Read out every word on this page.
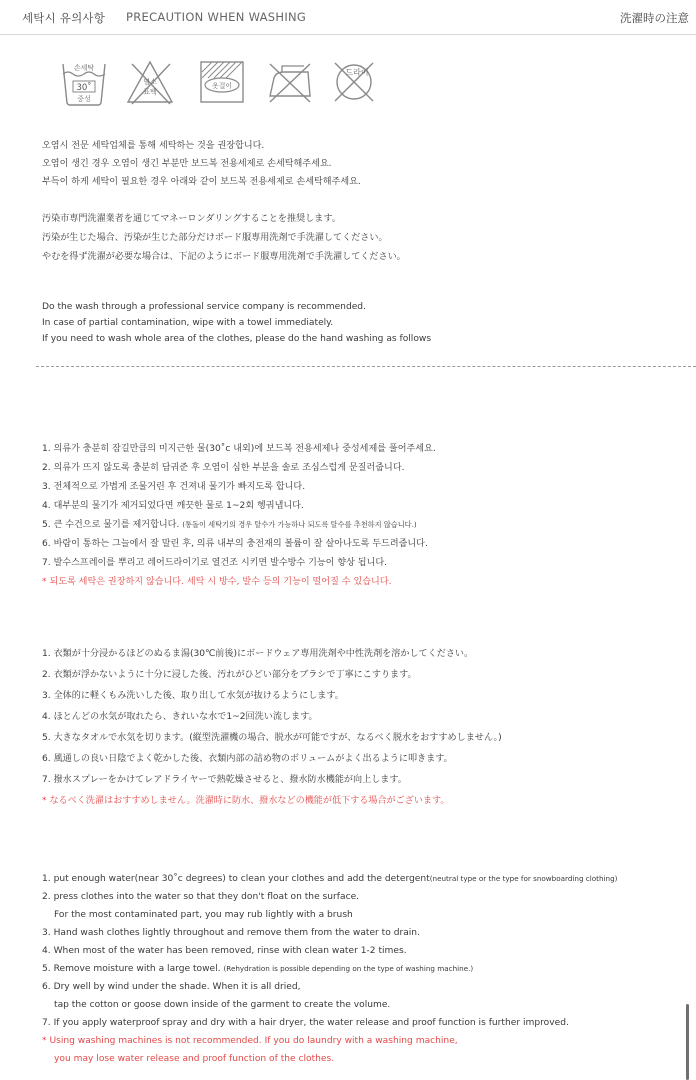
세탁시 유의사항 PRECAUTION WHEN WASHING	洗濯時の注意
손세탁
30˚
중성
염소
표백
옷걸이
드라이
오염시 전문 세탁업체를 통해 세탁하는 것을 권장합니다.
오염이 생긴 경우 오염이 생긴 부분만 보드복 전용세제로 손세탁해주세요.
부득이 하게 세탁이 필요한 경우 아래와 같이 보드복 전용세제로 손세탁해주세요.
汚染市専門洗濯業者を通じてマネーロンダリングすることを推奨します。
汚染が生じた場合、汚染が生じた部分だけボード服専用洗剤で手洗濯してください。
やむを得ず洗濯が必要な場合は、下記のようにボード服専用洗剤で手洗濯してください。
Do the wash through a professional service company is recommended.
In case of partial contamination, wipe with a towel immediately.
If you need to wash whole area of the clothes, please do the hand washing as follows
1. 의류가 충분히 잠길만큼의 미지근한 물(30˚c 내외)에 보드복 전용세제나 중성세제를 풀어주세요.
2. 의류가 뜨지 않도록 충분히 담궈준 후 오염이 심한 부분을 솔로 조심스럽게 문질러줍니다.
3. 전체적으로 가볍게 조물거린 후 건져내 물기가 빠지도록 합니다.
4. 대부분의 물기가 제거되었다면 깨끗한 물로 1~2회 헹궈냅니다.
5. 큰 수건으로 물기를 제거합니다. (통돌이 세탁기의 경우 탈수가 가능하나 되도록 탈수를 추천하지 않습니다.)
6. 바람이 통하는 그늘에서 잘 말린 후, 의류 내부의 충전재의 볼륨이 잘 살아나도록 두드려줍니다.
7. 발수스프레이를 뿌리고 레어드라이기로 열건조 시키면 발수방수 기능이 향상 됩니다.
* 되도록 세탁은 권장하지 않습니다. 세탁 시 방수, 발수 등의 기능이 떨어질 수 있습니다.
1. 衣類が十分浸かるほどのぬるま湯(30℃前後)にボードウェア専用洗剤や中性洗剤を溶かしてください。
2. 衣類が浮かないように十分に浸した後、汚れがひどい部分をブラシで丁寧にこすります。
3. 全体的に軽くもみ洗いした後、取り出して水気が抜けるようにします。
4. ほとんどの水気が取れたら、きれいな水で1~2回洗い流します。
5. 大きなタオルで水気を切ります。(縦型洗濯機の場合、脱水が可能ですが、なるべく脱水をおすすめしません。)
6. 風通しの良い日陰でよく乾かした後、衣類内部の詰め物のボリュームがよく出るように叩きます。
7. 撥水スプレーをかけてレアドライヤーで熱乾燥させると、撥水防水機能が向上します。
* なるべく洗濯はおすすめしません。洗濯時に防水、撥水などの機能が低下する場合がございます。
1. put enough water(near 30˚c degrees) to clean your clothes and add the detergent(neutral type or the type for snowboarding clothing)
2. press clothes into the water so that they don't float on the surface.
For the most contaminated part, you may rub lightly with a brush
3. Hand wash clothes lightly throughout and remove them from the water to drain.
4. When most of the water has been removed, rinse with clean water 1-2 times.
5. Remove moisture with a large towel. (Rehydration is possible depending on the type of washing machine.)
6. Dry well by wind under the shade. When it is all dried,
tap the cotton or goose down inside of the garment to create the volume.
7. If you apply waterproof spray and dry with a hair dryer, the water release and proof function is further improved.
* Using washing machines is not recommended. If you do laundry with a washing machine,
you may lose water release and proof function of the clothes.
